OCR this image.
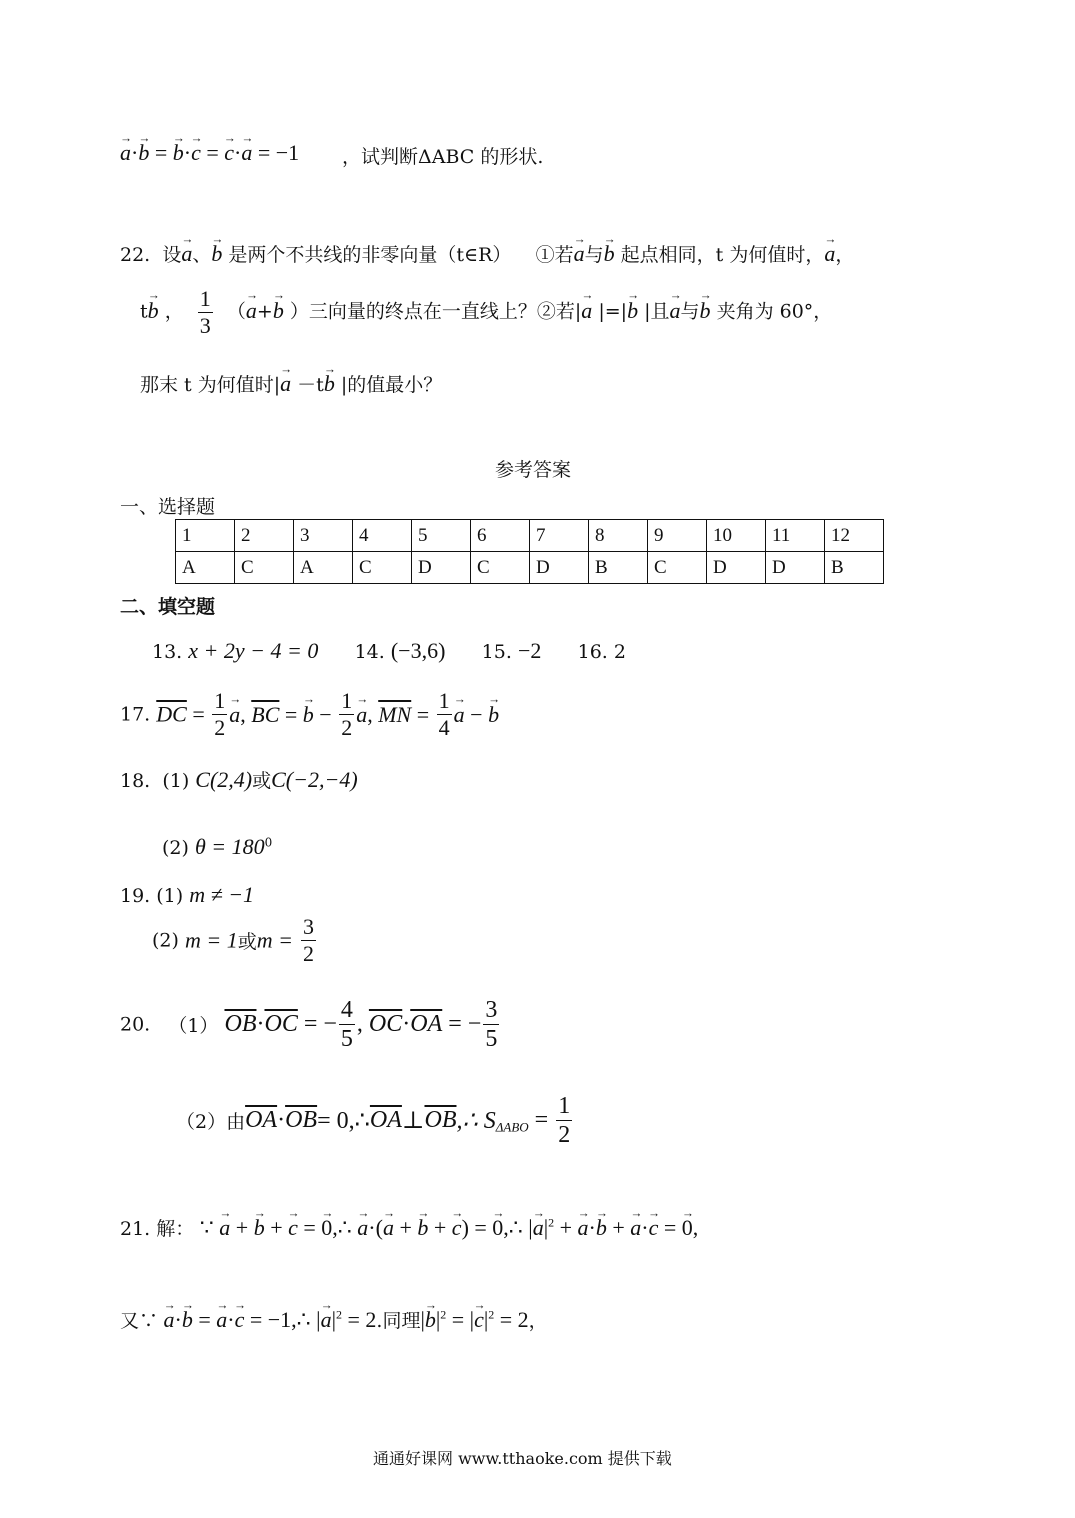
→ a·→ b = → b·→ c = → c·→ a = −1 ，试判断ΔABC 的形状.
22. 设→ a、→ b 是两个不共线的非零向量（t∈R） ①若→ a与→ b 起点相同，t 为何值时，→ a，
t→ b ， $\frac{1}{3}$ （→ a+→ b ）三向量的终点在一直线上？②若|→ a |=|→ b |且→ a与→ b 夹角为 60°，
那末 t 为何值时|→ a －t→ b |的值最小？
参考答案
一、选择题
1	2	3	4	5	6	7	8	9	10	11	12
A	C	A	C	D	C	D	B	C	D	D	B
二、填空题
13. x + 2y − 4 = 0 14. (−3,6) 15. −2 16. 2
17. $\overline{DC} = \frac{1}{2} \to a$, $\overline{BC}$ = → $b - \frac{1}{2} \to a$, $\overline{MN} = \frac{1}{4} \to a$ − → b
18. (1) C(2,4)或C(−2,−4)
(2) $\theta = 180^0$
19. (1) m ≠ −1
(2) m = 1或$m = \frac{3}{2}$
20. （1） $\overline{OB}\cdot\overline{OC}$ = − $\frac{4}{5}$ , $\overline{OC}\cdot\overline{OA}$ = − $\frac{3}{5}$
（2）由$\overline{OA}\cdot\overline{OB}=$ $0,\therefore\overline{OA}\perp\overline{OB},\therefore$ $S_{\Delta ABO} = \frac{1}{2}$
21. 解： ∵ → a + → b + → c = → 0,∴ → a·(→ a + → b + → c) = → 0,∴ |→ $a|^2$ + → a·→ b + → a·→ c = → 0,
又∵ → a·→ b = → a·→ c = −1,∴ |→ $a|^2 = 2$.同理|→ $b|^2$ = |→ $c|^2 = 2$，
通通好课网 www.tthaoke.com 提供下载
